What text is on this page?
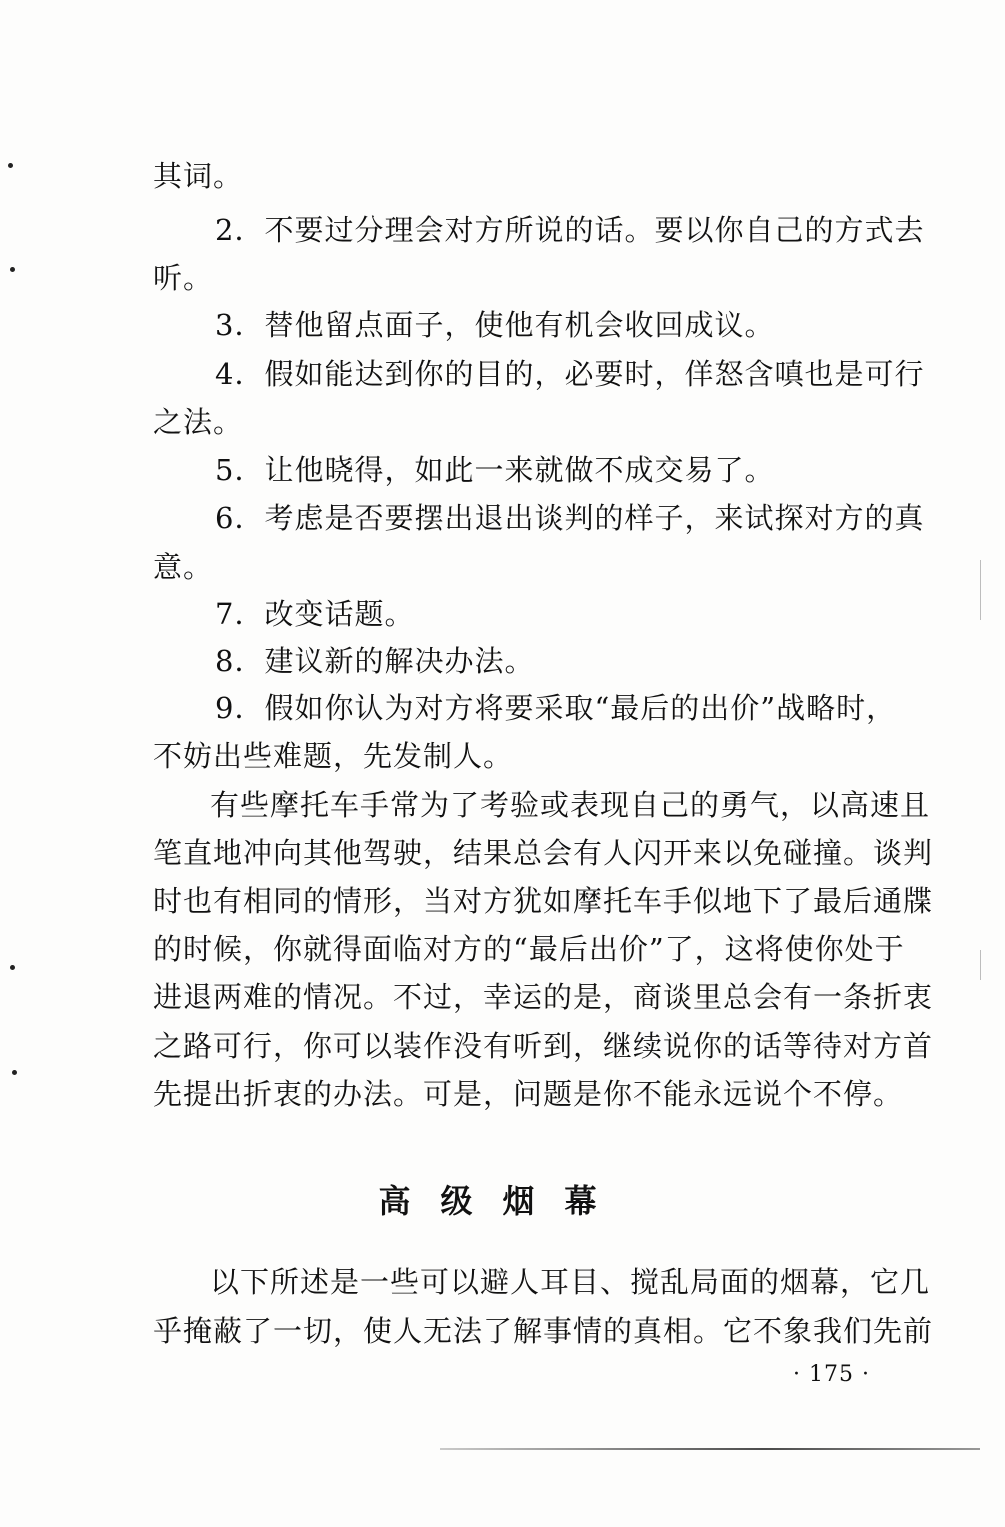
其词。
2．不要过分理会对方所说的话。要以你自己的方式去
听。
3．替他留点面子，使他有机会收回成议。
4．假如能达到你的目的，必要时，佯怒含嗔也是可行
之法。
5．让他晓得，如此一来就做不成交易了。
6．考虑是否要摆出退出谈判的样子，来试探对方的真
意。
7．改变话题。
8．建议新的解决办法。
9．假如你认为对方将要采取“最后的出价”战略时，
不妨出些难题，先发制人。
有些摩托车手常为了考验或表现自己的勇气，以高速且
笔直地冲向其他驾驶，结果总会有人闪开来以免碰撞。谈判
时也有相同的情形，当对方犹如摩托车手似地下了最后通牒
的时候，你就得面临对方的“最后出价”了，这将使你处于
进退两难的情况。不过，幸运的是，商谈里总会有一条折衷
之路可行，你可以装作没有听到，继续说你的话等待对方首
先提出折衷的办法。可是，问题是你不能永远说个不停。
高级烟幕
以下所述是一些可以避人耳目、搅乱局面的烟幕，它几
乎掩蔽了一切，使人无法了解事情的真相。它不象我们先前
· 175 ·
